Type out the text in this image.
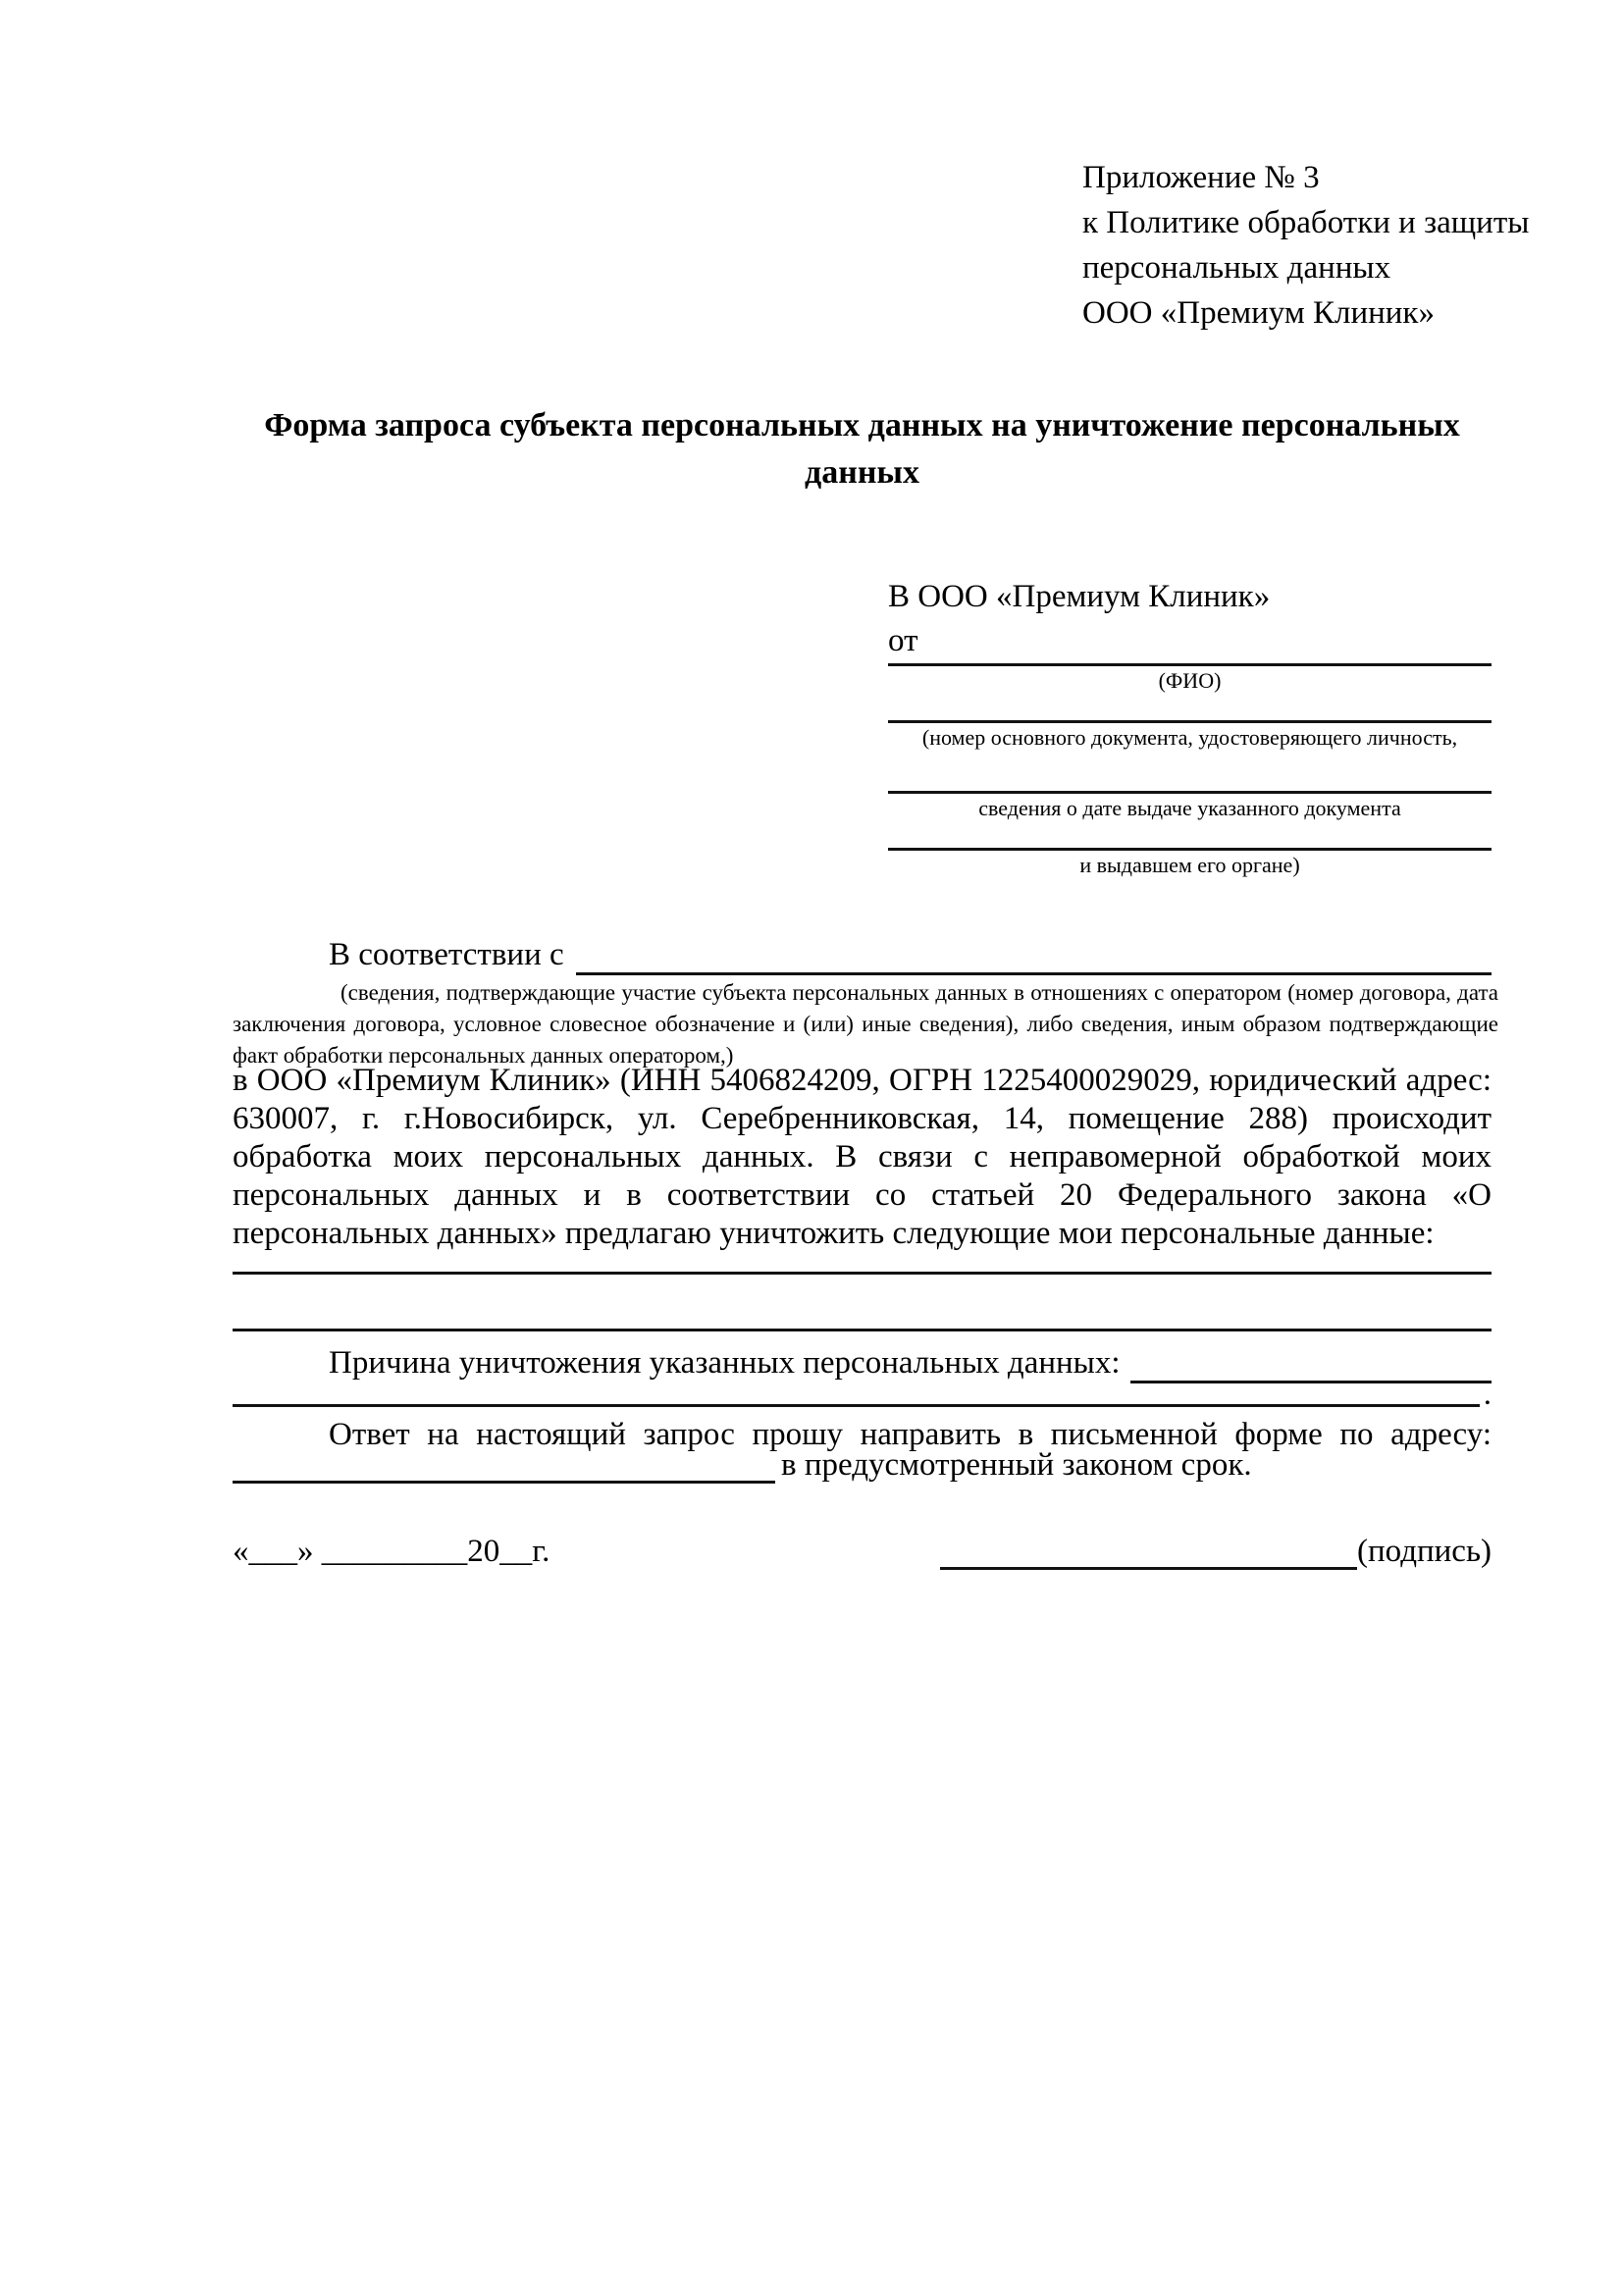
Приложение № 3
к Политике обработки и защиты
персональных данных
ООО «Премиум Клиник»
Форма запроса субъекта персональных данных на уничтожение персональных данных
В ООО «Премиум Клиник»
от
(ФИО)
(номер основного документа, удостоверяющего личность,
сведения о дате выдаче указанного документа
и выдавшем его органе)
В соответствии с
(сведения, подтверждающие участие субъекта персональных данных в отношениях с оператором (номер договора, дата заключения договора, условное словесное обозначение и (или) иные сведения), либо сведения, иным образом подтверждающие факт обработки персональных данных оператором,)
в ООО «Премиум Клиник» (ИНН 5406824209, ОГРН 1225400029029, юридический адрес: 630007, г. г.Новосибирск, ул. Серебренниковская, 14, помещение 288) происходит обработка моих персональных данных. В связи с неправомерной обработкой моих персональных данных и в соответствии со статьей 20 Федерального закона «О персональных данных» предлагаю уничтожить следующие мои персональные данные:
Причина уничтожения указанных персональных данных:
.
Ответ на настоящий запрос прошу направить в письменной форме по адресу:
в предусмотренный законом срок.
«___» _________20__г.	(подпись)
